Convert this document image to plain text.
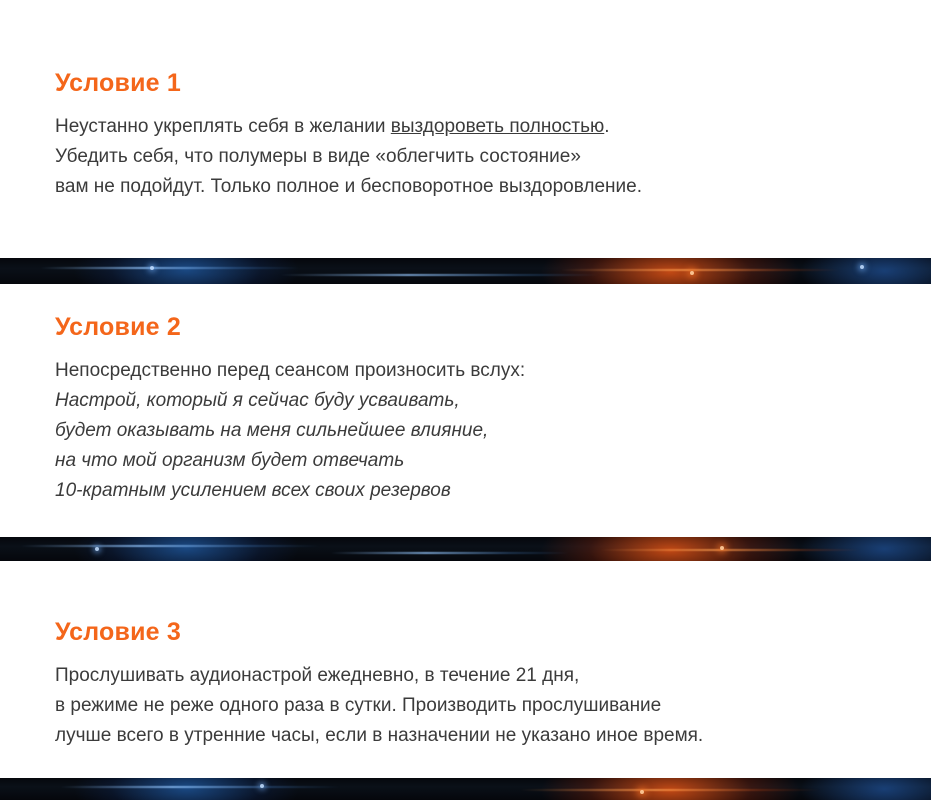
Условие 1

Неустанно укреплять себя в желании выздороветь полностью.
Убедить себя, что полумеры в виде «облегчить состояние»
вам не подойдут. Только полное и бесповоротное выздоровление.

Условие 2

Непосредственно перед сеансом произносить вслух:
Настрой, который я сейчас буду усваивать,
будет оказывать на меня сильнейшее влияние,
на что мой организм будет отвечать
10-кратным усилением всех своих резервов

Условие 3

Прослушивать аудионастрой ежедневно, в течение 21 дня,
в режиме не реже одного раза в сутки. Производить прослушивание
лучше всего в утренние часы, если в назначении не указано иное время.
